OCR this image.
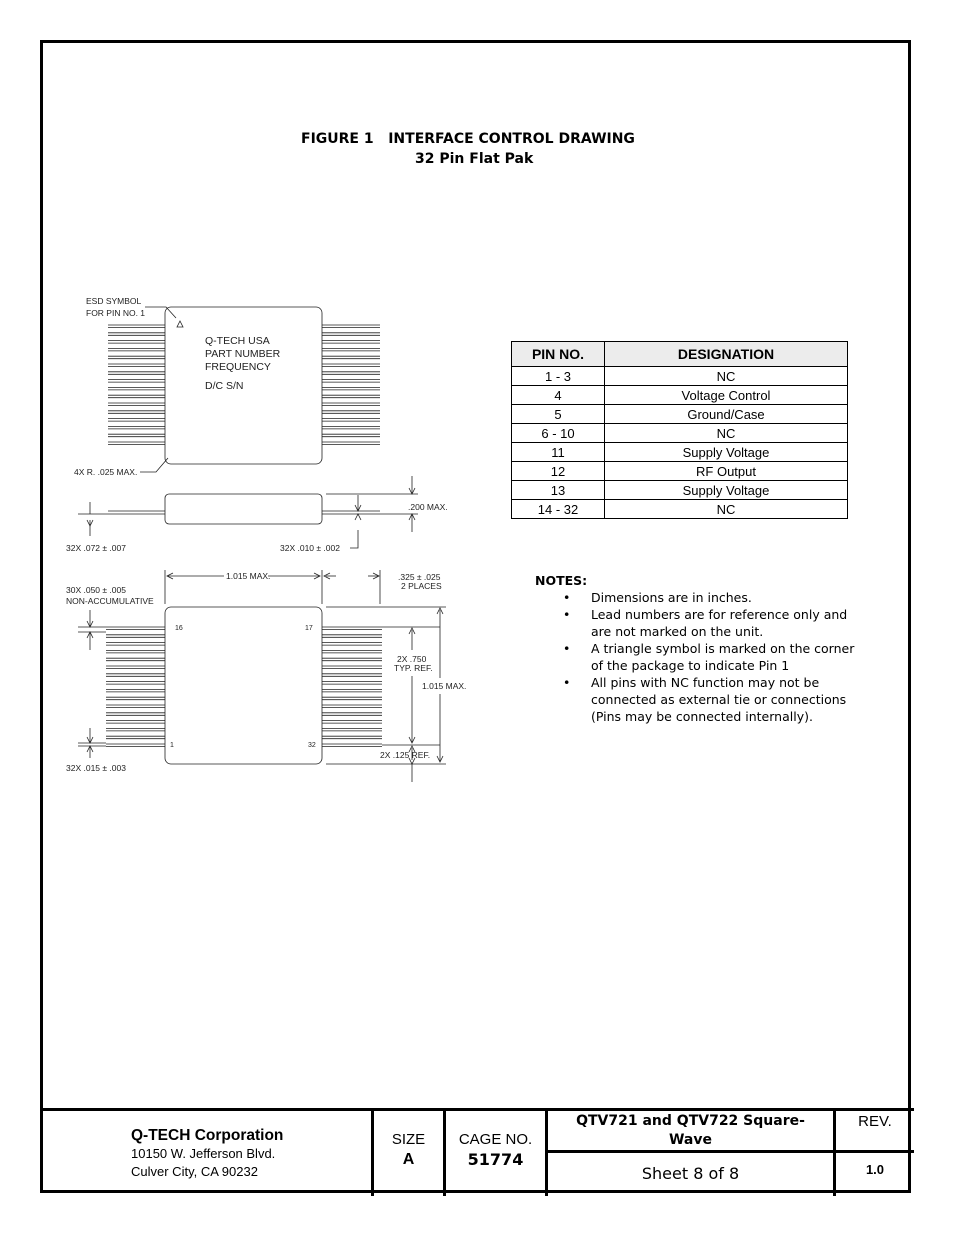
FIGURE 1   INTERFACE CONTROL DRAWING
32 Pin Flat Pak
ESD SYMBOL
FOR PIN NO. 1
Q-TECH USA
PART NUMBER
FREQUENCY
D/C S/N
4X R. .025 MAX.
.200 MAX.
32X .072 ± .007	32X .010 ± .002
1.015 MAX.	.325 ± .025
2 PLACES
30X .050 ± .005
NON-ACCUMULATIVE
32X .015 ± .003
16	17
1	32
2X .750
TYP. REF.
1.015 MAX.
2X .125 REF.
PIN NO.	DESIGNATION
1 - 3	NC
4	Voltage Control
5	Ground/Case
6 - 10	NC
11	Supply Voltage
12	RF Output
13	Supply Voltage
14 - 32	NC
NOTES:
• Dimensions are in inches.
• Lead numbers are for reference only and are not marked on the unit.
• A triangle symbol is marked on the corner of the package to indicate Pin 1
• All pins with NC function may not be connected as external tie or connections (Pins may be connected internally).
Q-TECH Corporation
10150 W. Jefferson Blvd.
Culver City, CA 90232
SIZE
A
CAGE NO.
51774
QTV721 and QTV722 Square-Wave
Sheet 8 of 8
REV.
1.0
